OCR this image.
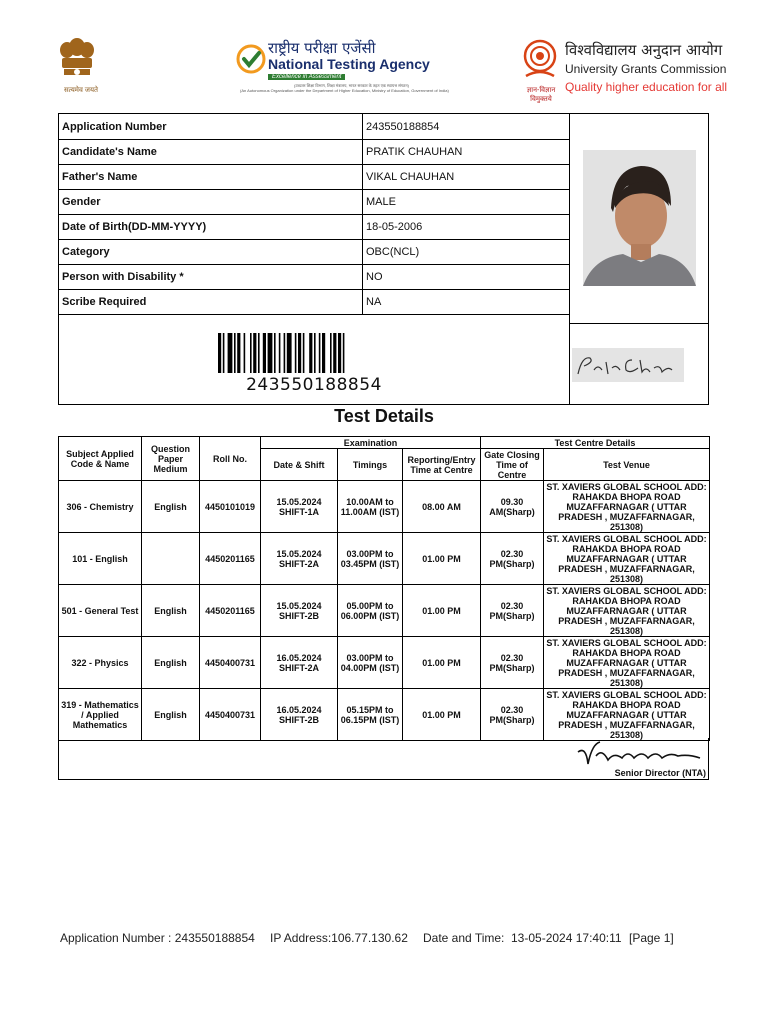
सत्यमेव जयते
राष्ट्रीय परीक्षा एजेंसी
National Testing Agency
Excellence in Assessment
(उच्चतर शिक्षा विभाग, शिक्षा मंत्रालय, भारत सरकार के तहत एक स्वायत्त संगठन)
(An Autonomous Organization under the Department of Higher Education, Ministry of Education, Government of India)	ज्ञान-विज्ञान विमुक्तये
विश्वविद्यालय अनुदान आयोग
University Grants Commission
Quality higher education for all
Application Number	243550188854
Candidate's Name	PRATIK CHAUHAN
Father's Name	VIKAL CHAUHAN
Gender	MALE
Date of Birth(DD-MM-YYYY)	18-05-2006
Category	OBC(NCL)
Person with Disability *	NO
Scribe Required	NA
243550188854
Test Details
Subject Applied Code & Name	Question Paper Medium	Roll No.	Examination			Test Centre Details	
			Date & Shift	Timings	Reporting/Entry Time at Centre	Gate Closing Time of Centre	Test Venue
306 - Chemistry	English	4450101019	15.05.2024 SHIFT-1A	10.00AM to 11.00AM (IST)	08.00 AM	09.30 AM(Sharp)	ST. XAVIERS GLOBAL SCHOOL ADD: RAHAKDA BHOPA ROAD MUZAFFARNAGAR ( UTTAR PRADESH , MUZAFFARNAGAR, 251308)
101 - English		4450201165	15.05.2024 SHIFT-2A	03.00PM to 03.45PM (IST)	01.00 PM	02.30 PM(Sharp)	ST. XAVIERS GLOBAL SCHOOL ADD: RAHAKDA BHOPA ROAD MUZAFFARNAGAR ( UTTAR PRADESH , MUZAFFARNAGAR, 251308)
501 - General Test	English	4450201165	15.05.2024 SHIFT-2B	05.00PM to 06.00PM (IST)	01.00 PM	02.30 PM(Sharp)	ST. XAVIERS GLOBAL SCHOOL ADD: RAHAKDA BHOPA ROAD MUZAFFARNAGAR ( UTTAR PRADESH , MUZAFFARNAGAR, 251308)
322 - Physics	English	4450400731	16.05.2024 SHIFT-2A	03.00PM to 04.00PM (IST)	01.00 PM	02.30 PM(Sharp)	ST. XAVIERS GLOBAL SCHOOL ADD: RAHAKDA BHOPA ROAD MUZAFFARNAGAR ( UTTAR PRADESH , MUZAFFARNAGAR, 251308)
319 - Mathematics / Applied Mathematics	English	4450400731	16.05.2024 SHIFT-2B	05.15PM to 06.15PM (IST)	01.00 PM	02.30 PM(Sharp)	ST. XAVIERS GLOBAL SCHOOL ADD: RAHAKDA BHOPA ROAD MUZAFFARNAGAR ( UTTAR PRADESH , MUZAFFARNAGAR, 251308)
Senior Director (NTA)
Application Number : 243550188854 IP Address:106.77.130.62 Date and Time: 13-05-2024 17:40:11 [Page 1]
